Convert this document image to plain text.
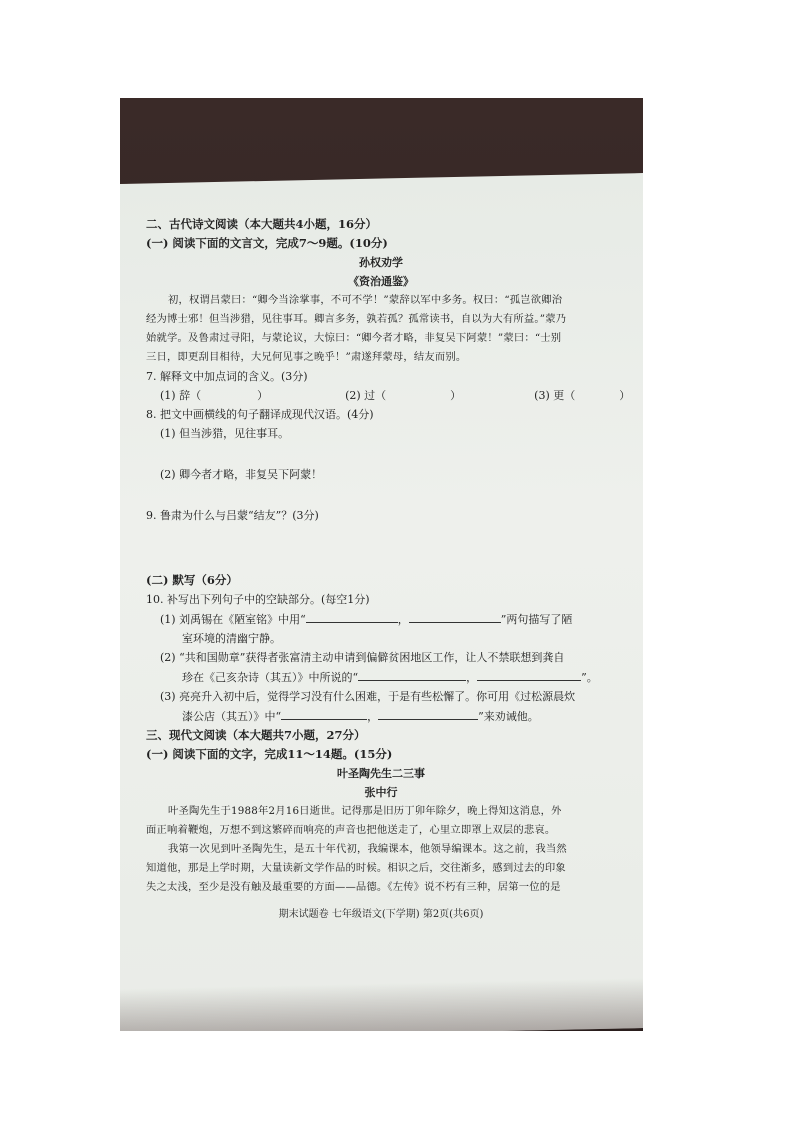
二、古代诗文阅读（本大题共4小题，16分）
(一) 阅读下面的文言文，完成7～9题。(10分)
孙权劝学
《资治通鉴》
初，权谓吕蒙曰：“卿今当涂掌事，不可不学！”蒙辞以军中多务。权曰：“孤岂欲卿治
经为博士邪！但当涉猎，见往事耳。卿言多务，孰若孤？孤常读书，自以为大有所益。”蒙乃
始就学。及鲁肃过寻阳，与蒙论议，大惊曰：“卿今者才略，非复吴下阿蒙！”蒙曰：“士别
三日，即更刮目相待，大兄何见事之晚乎！”肃遂拜蒙母，结友而别。
7. 解释文中加点词的含义。(3分)
(1) 辞（	）	(2) 过（	）	(3) 更（	）
8. 把文中画横线的句子翻译成现代汉语。(4分)
(1) 但当涉猎，见往事耳。
(2) 卿今者才略，非复吴下阿蒙！
9. 鲁肃为什么与吕蒙“结友”？(3分)
(二) 默写（6分）
10. 补写出下列句子中的空缺部分。(每空1分)
(1) 刘禹锡在《陋室铭》中用“	，	”两句描写了陋
室环境的清幽宁静。
(2) “共和国勋章”获得者张富清主动申请到偏僻贫困地区工作，让人不禁联想到龚自
珍在《己亥杂诗（其五）》中所说的“	，	”。
(3) 亮亮升入初中后，觉得学习没有什么困难，于是有些松懈了。你可用《过松源晨炊
漆公店（其五）》中“	，	”来劝诫他。
三、现代文阅读（本大题共7小题，27分）
(一) 阅读下面的文字，完成11～14题。(15分)
叶圣陶先生二三事
张中行
叶圣陶先生于1988年2月16日逝世。记得那是旧历丁卯年除夕，晚上得知这消息，外
面正响着鞭炮，万想不到这繁碎而响亮的声音也把他送走了，心里立即罩上双层的悲哀。
我第一次见到叶圣陶先生，是五十年代初，我编课本，他领导编课本。这之前，我当然
知道他，那是上学时期，大量读新文学作品的时候。相识之后，交往渐多，感到过去的印象
失之太浅，至少是没有触及最重要的方面——品德。《左传》说不朽有三种，居第一位的是
期末试题卷 七年级语文(下学期) 第2页(共6页)
